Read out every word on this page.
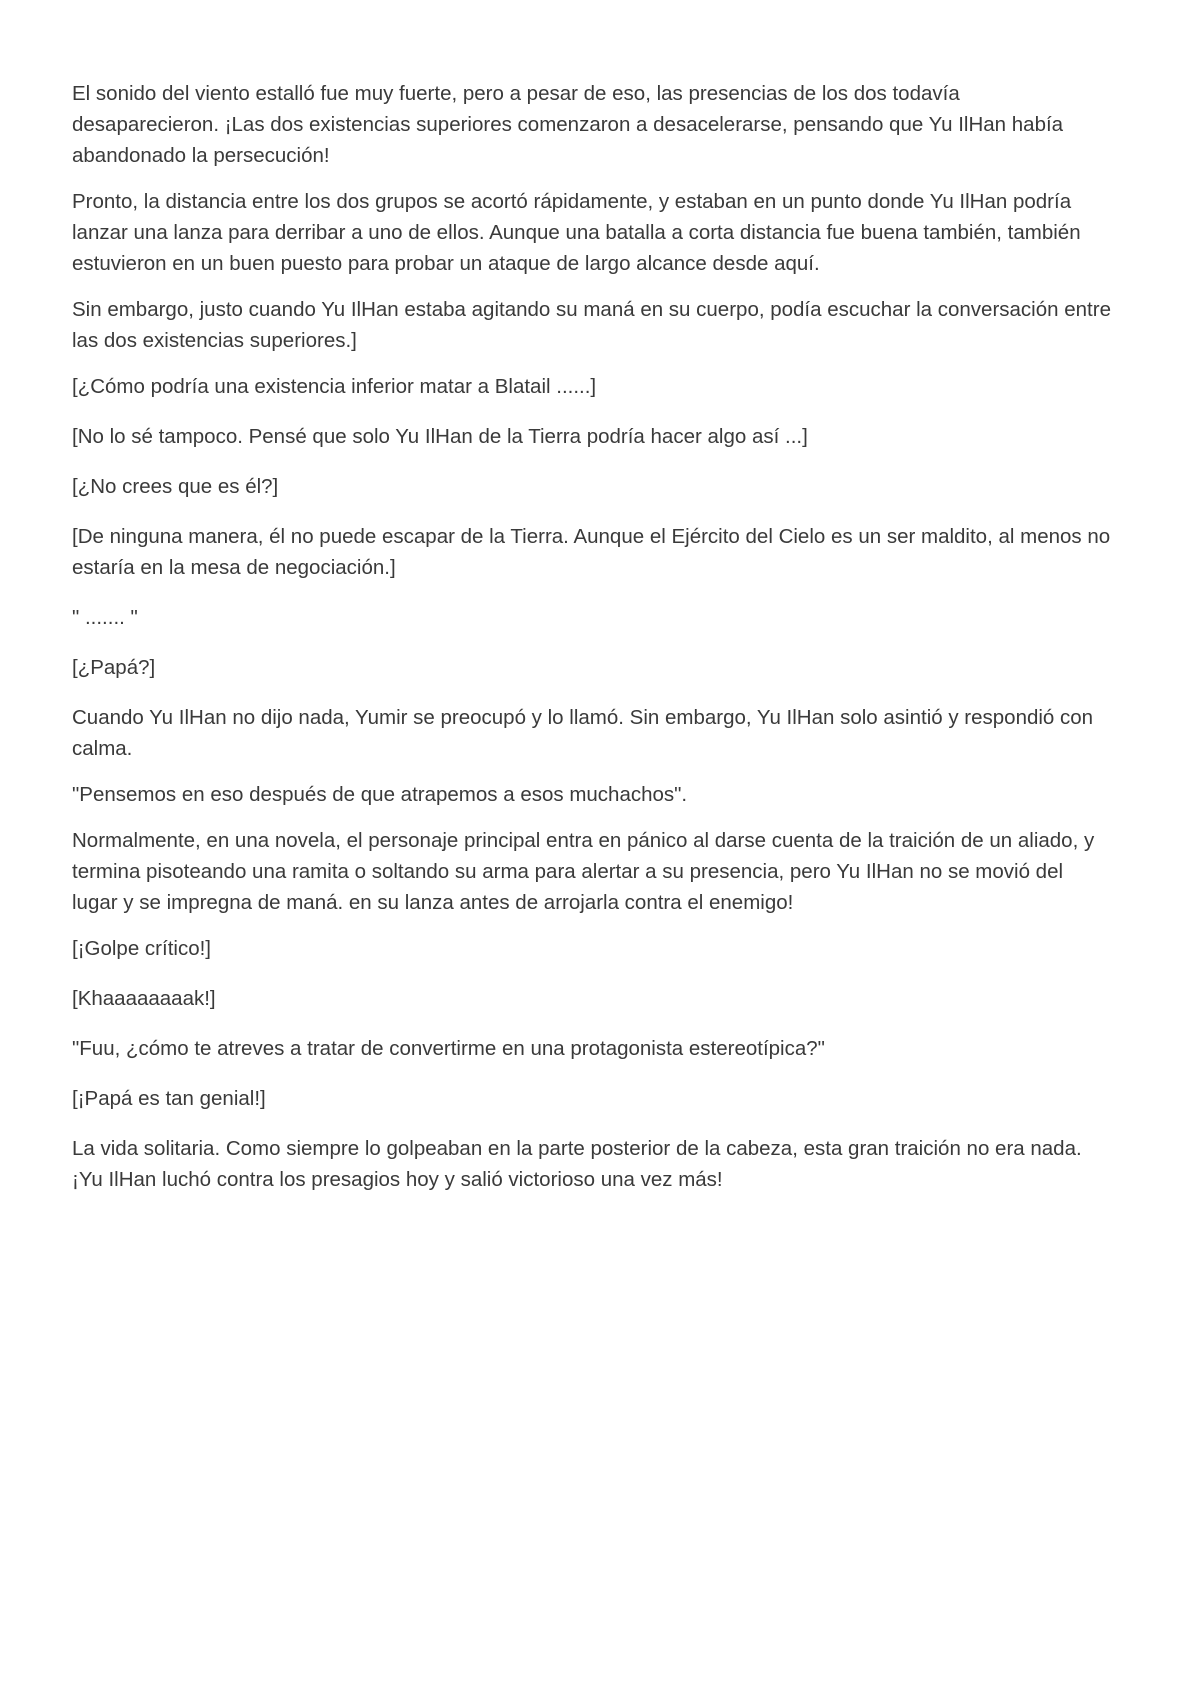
El sonido del viento estalló fue muy fuerte, pero a pesar de eso, las presencias de los dos todavía desaparecieron. ¡Las dos existencias superiores comenzaron a desacelerarse, pensando que Yu IlHan había abandonado la persecución!

Pronto, la distancia entre los dos grupos se acortó rápidamente, y estaban en un punto donde Yu IlHan podría lanzar una lanza para derribar a uno de ellos. Aunque una batalla a corta distancia fue buena también, también estuvieron en un buen puesto para probar un ataque de largo alcance desde aquí.

Sin embargo, justo cuando Yu IlHan estaba agitando su maná en su cuerpo, podía escuchar la conversación entre las dos existencias superiores.]

[¿Cómo podría una existencia inferior matar a Blatail ......]

[No lo sé tampoco. Pensé que solo Yu IlHan de la Tierra podría hacer algo así ...]

[¿No crees que es él?]

[De ninguna manera, él no puede escapar de la Tierra. Aunque el Ejército del Cielo es un ser maldito, al menos no estaría en la mesa de negociación.]

" ....... "

[¿Papá?]

Cuando Yu IlHan no dijo nada, Yumir se preocupó y lo llamó. Sin embargo, Yu IlHan solo asintió y respondió con calma.

"Pensemos en eso después de que atrapemos a esos muchachos".

Normalmente, en una novela, el personaje principal entra en pánico al darse cuenta de la traición de un aliado, y termina pisoteando una ramita o soltando su arma para alertar a su presencia, pero Yu IlHan no se movió del lugar y se impregna de maná. en su lanza antes de arrojarla contra el enemigo!

[¡Golpe crítico!]

[Khaaaaaaaak!]

"Fuu, ¿cómo te atreves a tratar de convertirme en una protagonista estereotípica?"

[¡Papá es tan genial!]

La vida solitaria. Como siempre lo golpeaban en la parte posterior de la cabeza, esta gran traición no era nada. ¡Yu IlHan luchó contra los presagios hoy y salió victorioso una vez más!
